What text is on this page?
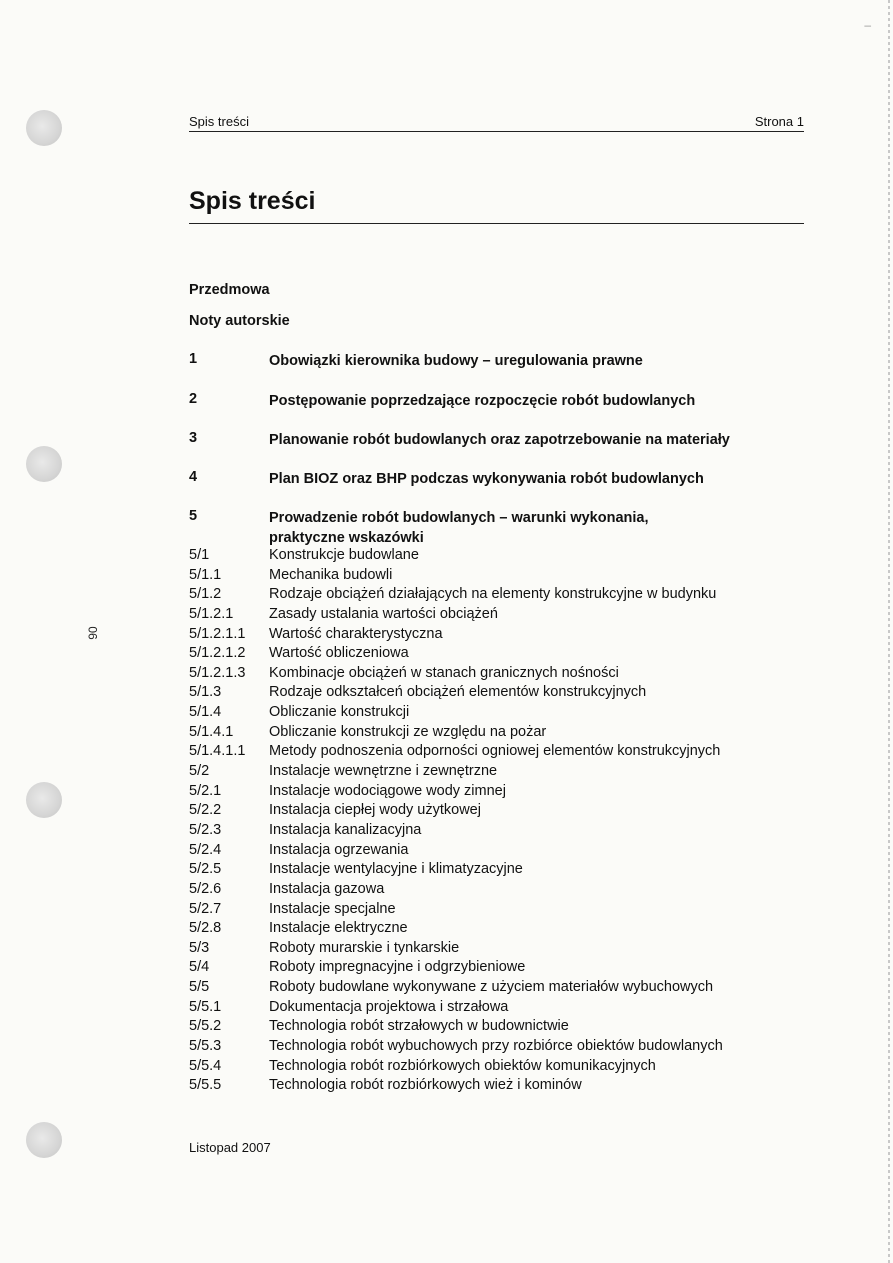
–
06
Spis treści	Strona 1
Spis treści
Przedmowa
Noty autorskie
1	Obowiązki kierownika budowy – uregulowania prawne
2	Postępowanie poprzedzające rozpoczęcie robót budowlanych
3	Planowanie robót budowlanych oraz zapotrzebowanie na materiały
4	Plan BIOZ oraz BHP podczas wykonywania robót budowlanych
5	Prowadzenie robót budowlanych – warunki wykonania,
praktyczne wskazówki
5/1	Konstrukcje budowlane
5/1.1	Mechanika budowli
5/1.2	Rodzaje obciążeń działających na elementy konstrukcyjne w budynku
5/1.2.1 Zasady ustalania wartości obciążeń
5/1.2.1.1 Wartość charakterystyczna
5/1.2.1.2 Wartość obliczeniowa
5/1.2.1.3 Kombinacje obciążeń w stanach granicznych nośności
5/1.3	Rodzaje odkształceń obciążeń elementów konstrukcyjnych
5/1.4	Obliczanie konstrukcji
5/1.4.1 Obliczanie konstrukcji ze względu na pożar
5/1.4.1.1 Metody podnoszenia odporności ogniowej elementów konstrukcyjnych
5/2	Instalacje wewnętrzne i zewnętrzne
5/2.1	Instalacje wodociągowe wody zimnej
5/2.2	Instalacja ciepłej wody użytkowej
5/2.3	Instalacja kanalizacyjna
5/2.4	Instalacja ogrzewania
5/2.5	Instalacje wentylacyjne i klimatyzacyjne
5/2.6	Instalacja gazowa
5/2.7	Instalacje specjalne
5/2.8	Instalacje elektryczne
5/3	Roboty murarskie i tynkarskie
5/4	Roboty impregnacyjne i odgrzybieniowe
5/5	Roboty budowlane wykonywane z użyciem materiałów wybuchowych
5/5.1	Dokumentacja projektowa i strzałowa
5/5.2	Technologia robót strzałowych w budownictwie
5/5.3	Technologia robót wybuchowych przy rozbiórce obiektów budowlanych
5/5.4	Technologia robót rozbiórkowych obiektów komunikacyjnych
5/5.5	Technologia robót rozbiórkowych wież i kominów
Listopad 2007
